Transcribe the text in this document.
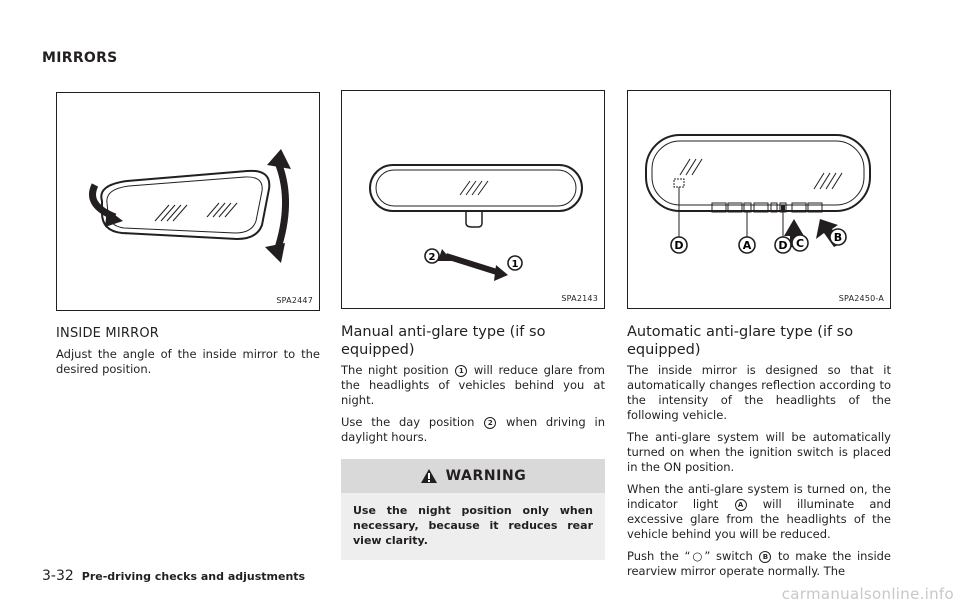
MIRRORS
SPA2447
INSIDE MIRROR

Adjust the angle of the inside mirror to the desired position.

2
1
SPA2143
Manual anti-glare type (if so equipped)

The night position 1 will reduce glare from the headlights of vehicles behind you at night.

Use the day position 2 when driving in daylight hours.

WARNING
Use the night position only when necessary, because it reduces rear view clarity.
D	A D C	B
SPA2450-A
Automatic anti-glare type (if so equipped)

The inside mirror is designed so that it automatically changes reflection according to the intensity of the headlights of the following vehicle.

The anti-glare system will be automatically turned on when the ignition switch is placed in the ON position.

When the anti-glare system is turned on, the indicator light	A will illuminate and excessive glare from the headlights of the vehicle behind you will be reduced.

Push the “○” switch B to make the inside rearview mirror operate normally. The

3-32 Pre-driving checks and adjustments
carmanualsonline.info
